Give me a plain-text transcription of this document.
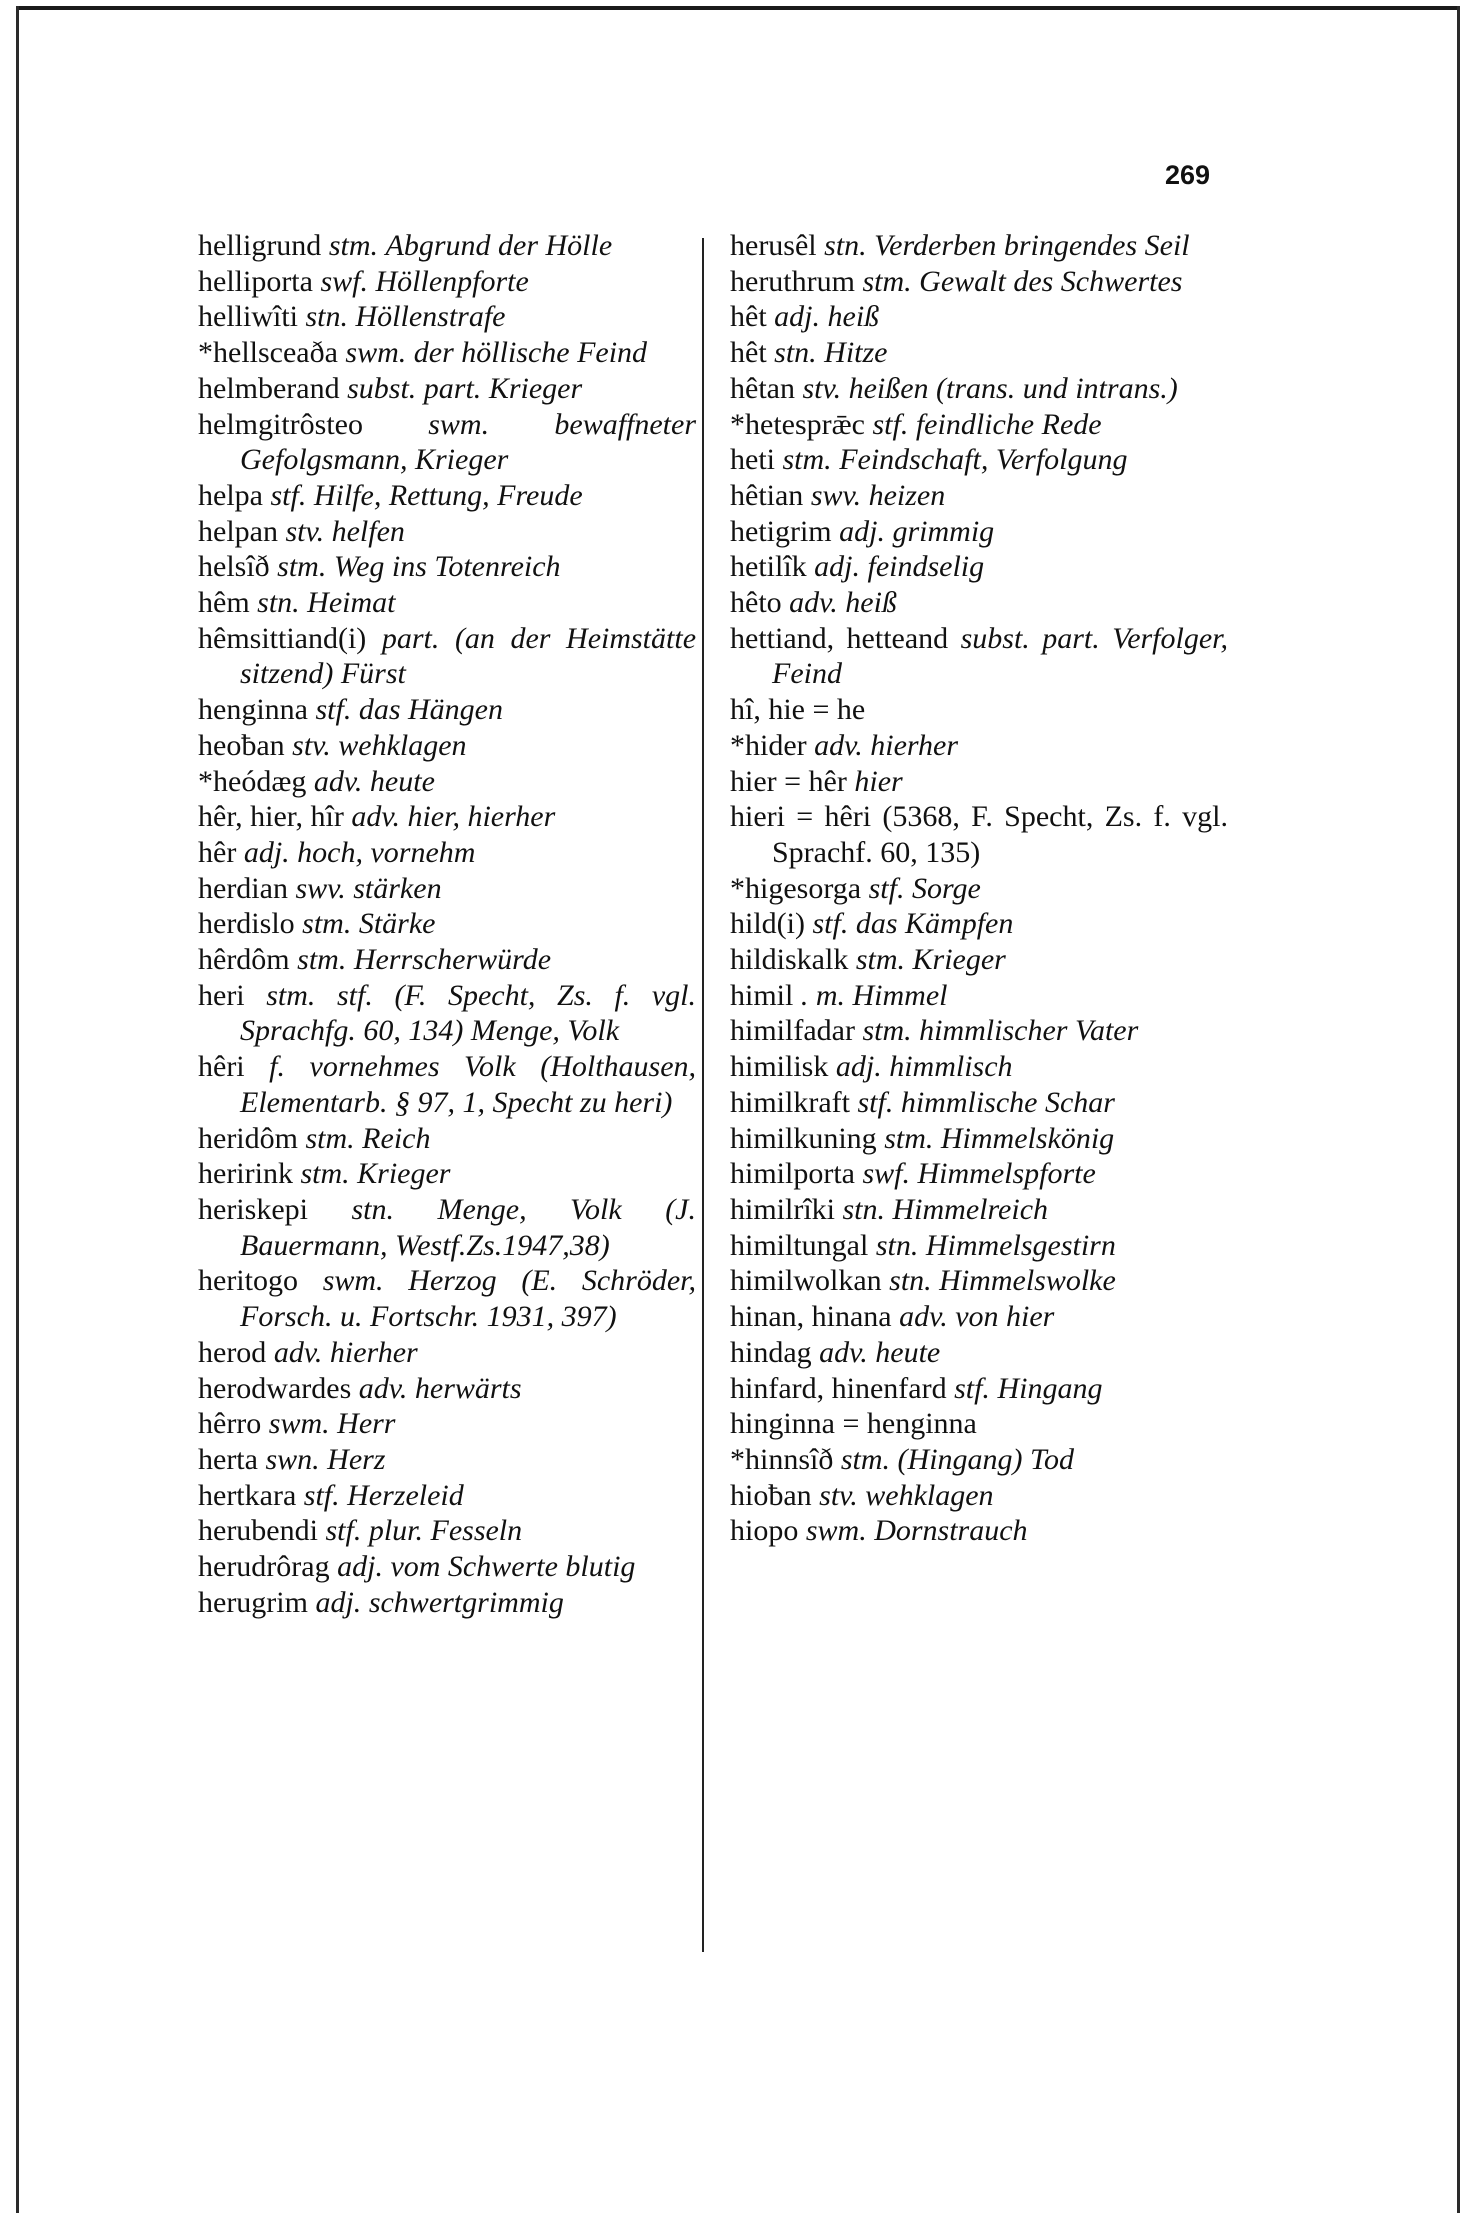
269
helligrund stm. Abgrund der Hölle
helliporta swf. Höllenpforte
helliwîti stn. Höllenstrafe
*hellsceaða swm. der höllische Feind
helmberand subst. part. Krieger
helmgitrôsteo swm. bewaffneter Gefolgsmann, Krieger
helpa stf. Hilfe, Rettung, Freude
helpan stv. helfen
helsîð stm. Weg ins Totenreich
hêm stn. Heimat
hêmsittiand(i) part. (an der Heimstätte sitzend) Fürst
henginna stf. das Hängen
heoƀan stv. wehklagen
*heódæg adv. heute
hêr, hier, hîr adv. hier, hierher
hêr adj. hoch, vornehm
herdian swv. stärken
herdislo stm. Stärke
hêrdôm stm. Herrscherwürde
heri stm. stf. (F. Specht, Zs. f. vgl. Sprachfg. 60, 134) Menge, Volk
hêri f. vornehmes Volk (Holthausen, Elementarb. § 97, 1, Specht zu heri)
heridôm stm. Reich
herirink stm. Krieger
heriskepi stn. Menge, Volk (J. Bauermann, Westf.Zs.1947,38)
heritogo swm. Herzog (E. Schröder, Forsch. u. Fortschr. 1931, 397)
herod adv. hierher
herodwardes adv. herwärts
hêrro swm. Herr
herta swn. Herz
hertkara stf. Herzeleid
herubendi stf. plur. Fesseln
herudrôrag adj. vom Schwerte blutig
herugrim adj. schwertgrimmig
herusêl stn. Verderben bringendes Seil
heruthrum stm. Gewalt des Schwertes
hêt adj. heiß
hêt stn. Hitze
hêtan stv. heißen (trans. und intrans.)
*hetesprǣc stf. feindliche Rede
heti stm. Feindschaft, Verfolgung
hêtian swv. heizen
hetigrim adj. grimmig
hetilîk adj. feindselig
hêto adv. heiß
hettiand, hetteand subst. part. Verfolger, Feind
hî, hie = he
*hider adv. hierher
hier = hêr hier
hieri = hêri (5368, F. Specht, Zs. f. vgl. Sprachf. 60, 135)
*higesorga stf. Sorge
hild(i) stf. das Kämpfen
hildiskalk stm. Krieger
himil . m. Himmel
himilfadar stm. himmlischer Vater
himilisk adj. himmlisch
himilkraft stf. himmlische Schar
himilkuning stm. Himmelskönig
himilporta swf. Himmelspforte
himilrîki stn. Himmelreich
himiltungal stn. Himmelsgestirn
himilwolkan stn. Himmelswolke
hinan, hinana adv. von hier
hindag adv. heute
hinfard, hinenfard stf. Hingang
hinginna = henginna
*hinnsîð stm. (Hingang) Tod
hioƀan stv. wehklagen
hiopo swm. Dornstrauch
